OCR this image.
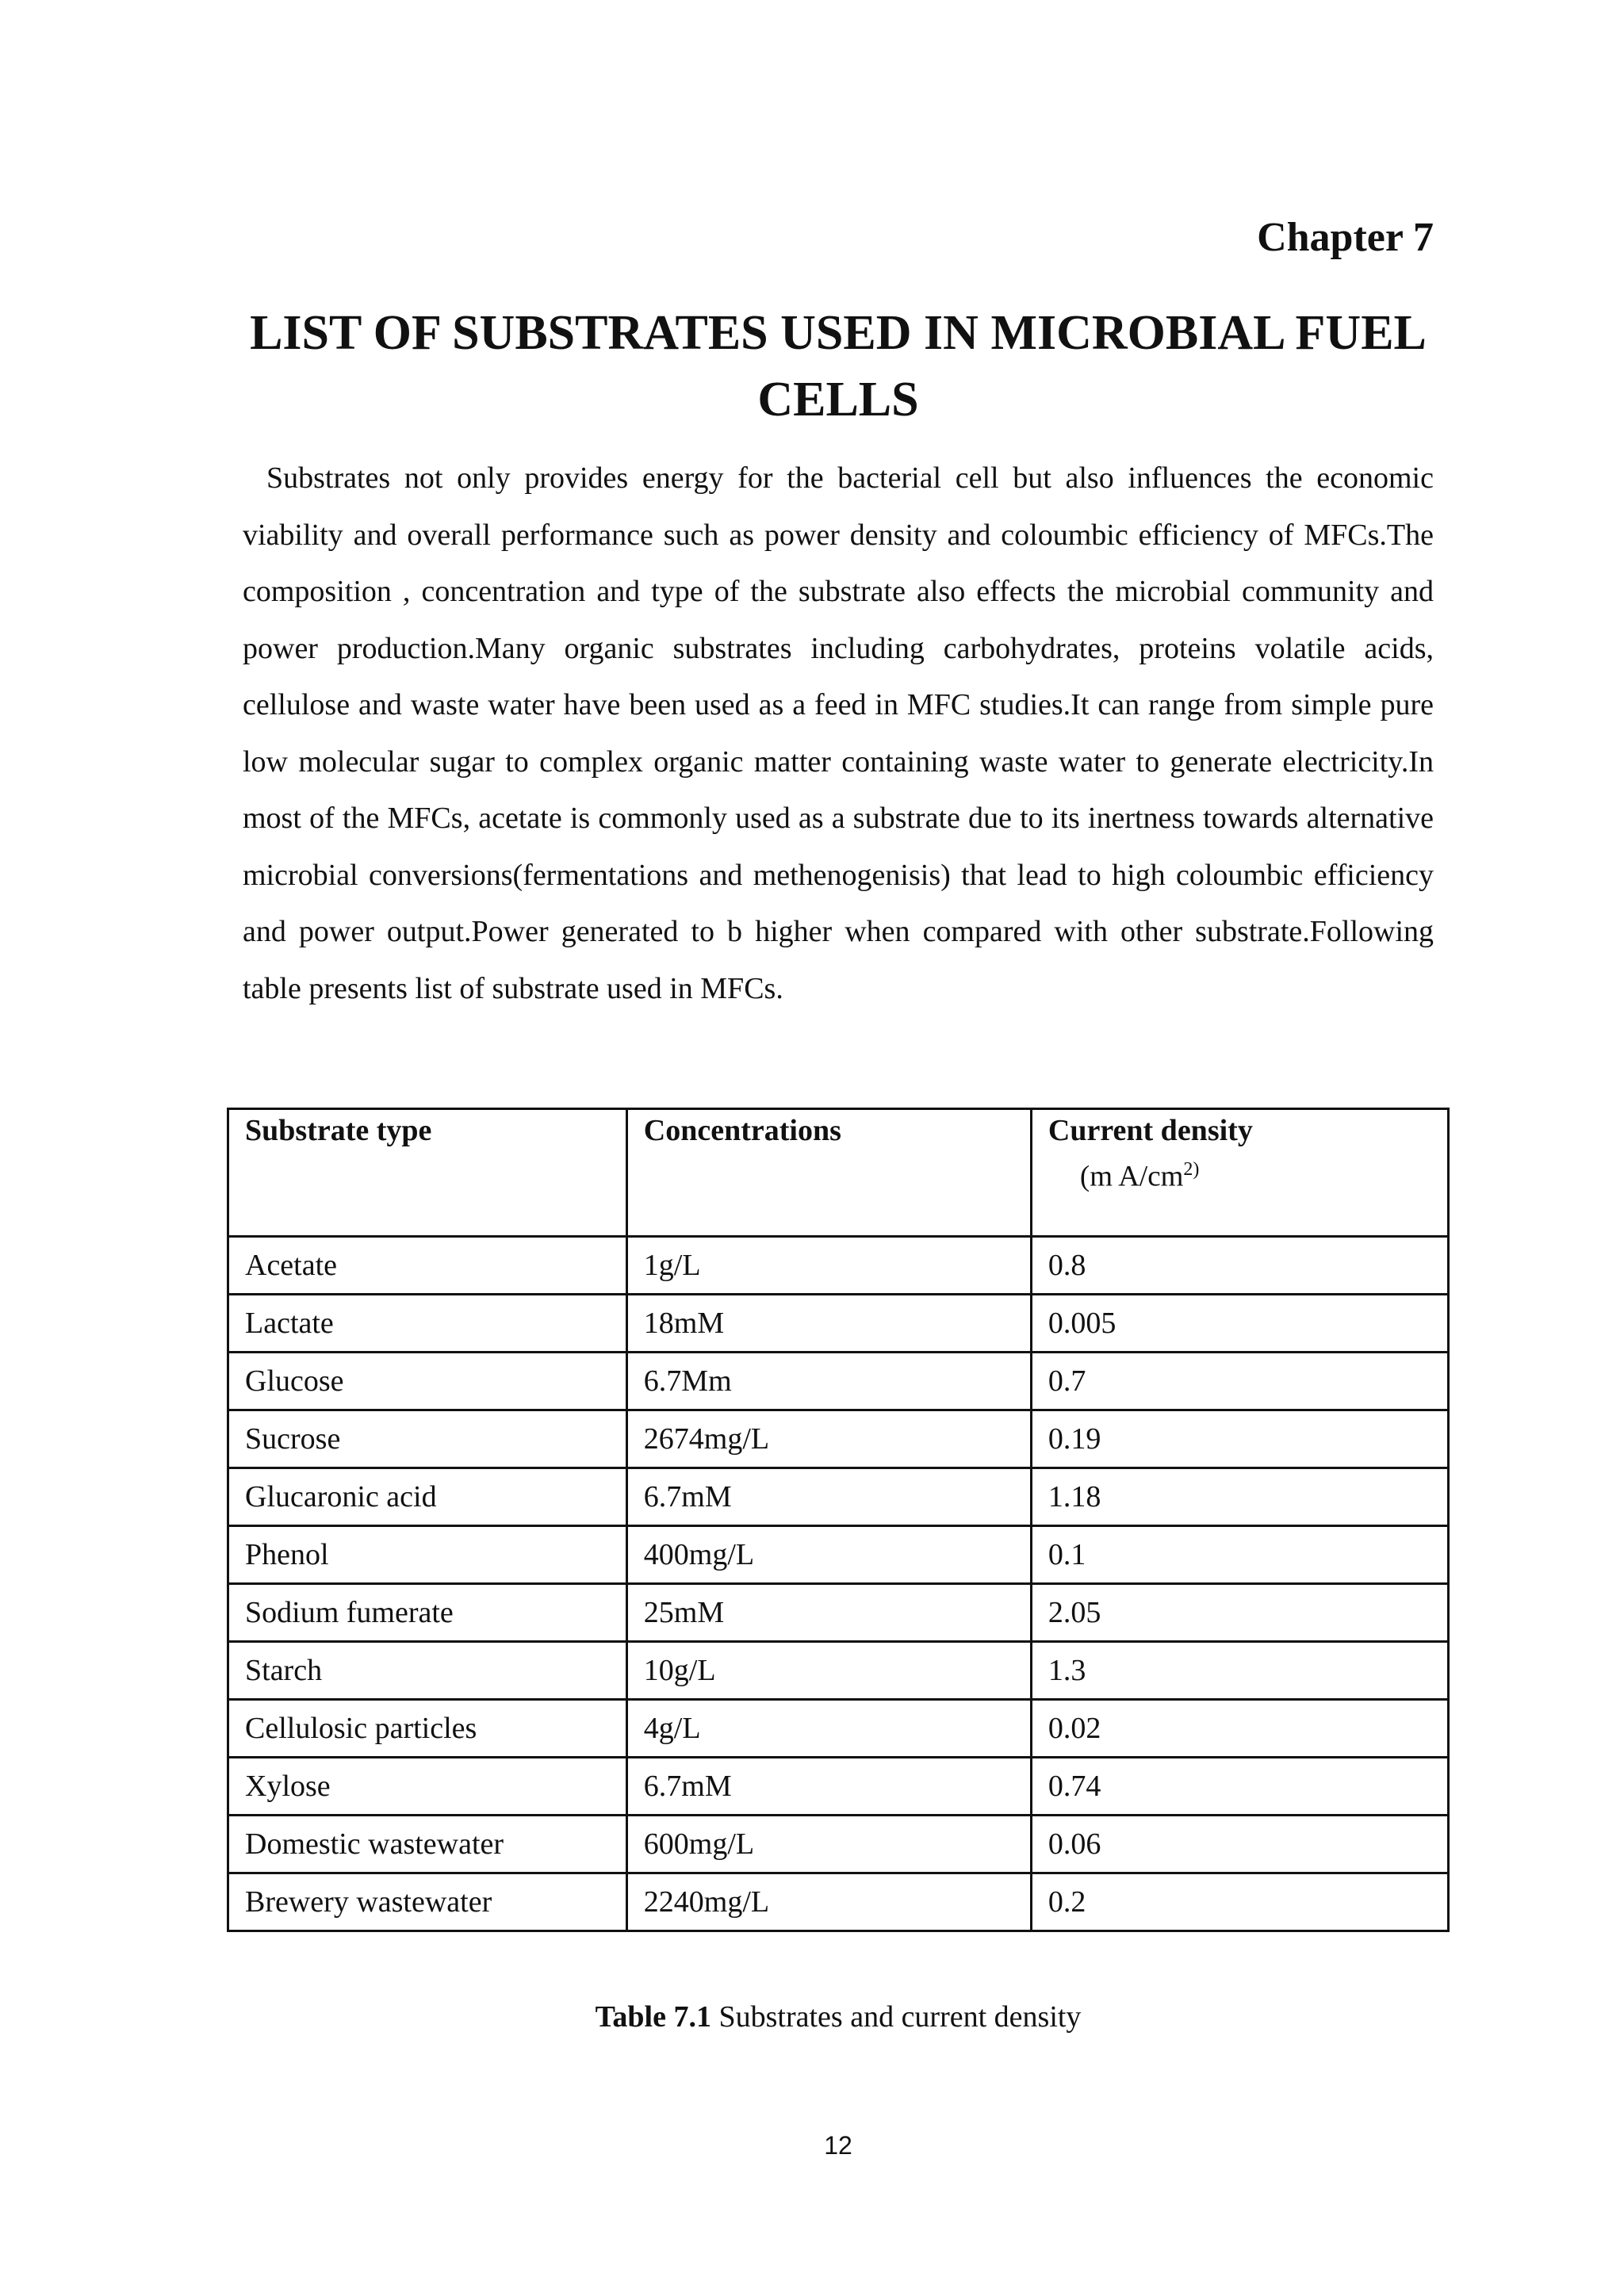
Chapter 7
LIST OF SUBSTRATES USED IN MICROBIAL FUEL CELLS

Substrates not only provides energy for the bacterial cell but also influences the economic viability and overall performance such as power density and coloumbic efficiency of MFCs.The composition , concentration and type of the substrate also effects the microbial community and power production.Many organic substrates including carbohydrates, proteins volatile acids, cellulose and waste water have been used as a feed in MFC studies.It can range from simple pure low molecular sugar to complex organic matter containing waste water to generate electricity.In most of the MFCs, acetate is commonly used as a substrate due to its inertness towards alternative microbial conversions(fermentations and methenogenisis) that lead to high coloumbic efficiency and power output.Power generated to b higher when compared with other substrate.Following table presents list of substrate used in MFCs.

Substrate type	Concentrations	Current density
(m $A/cm^{2)}$

Acetate	1g/L	0.8
Lactate	18mM	0.005
Glucose	6.7Mm	0.7
Sucrose	2674mg/L	0.19
Glucaronic acid	6.7mM	1.18
Phenol	400mg/L	0.1
Sodium fumerate	25mM	2.05
Starch	10g/L	1.3
Cellulosic particles	4g/L	0.02
Xylose	6.7mM	0.74
Domestic wastewater	600mg/L	0.06
Brewery wastewater	2240mg/L	0.2

Table 7.1 Substrates and current density

12
